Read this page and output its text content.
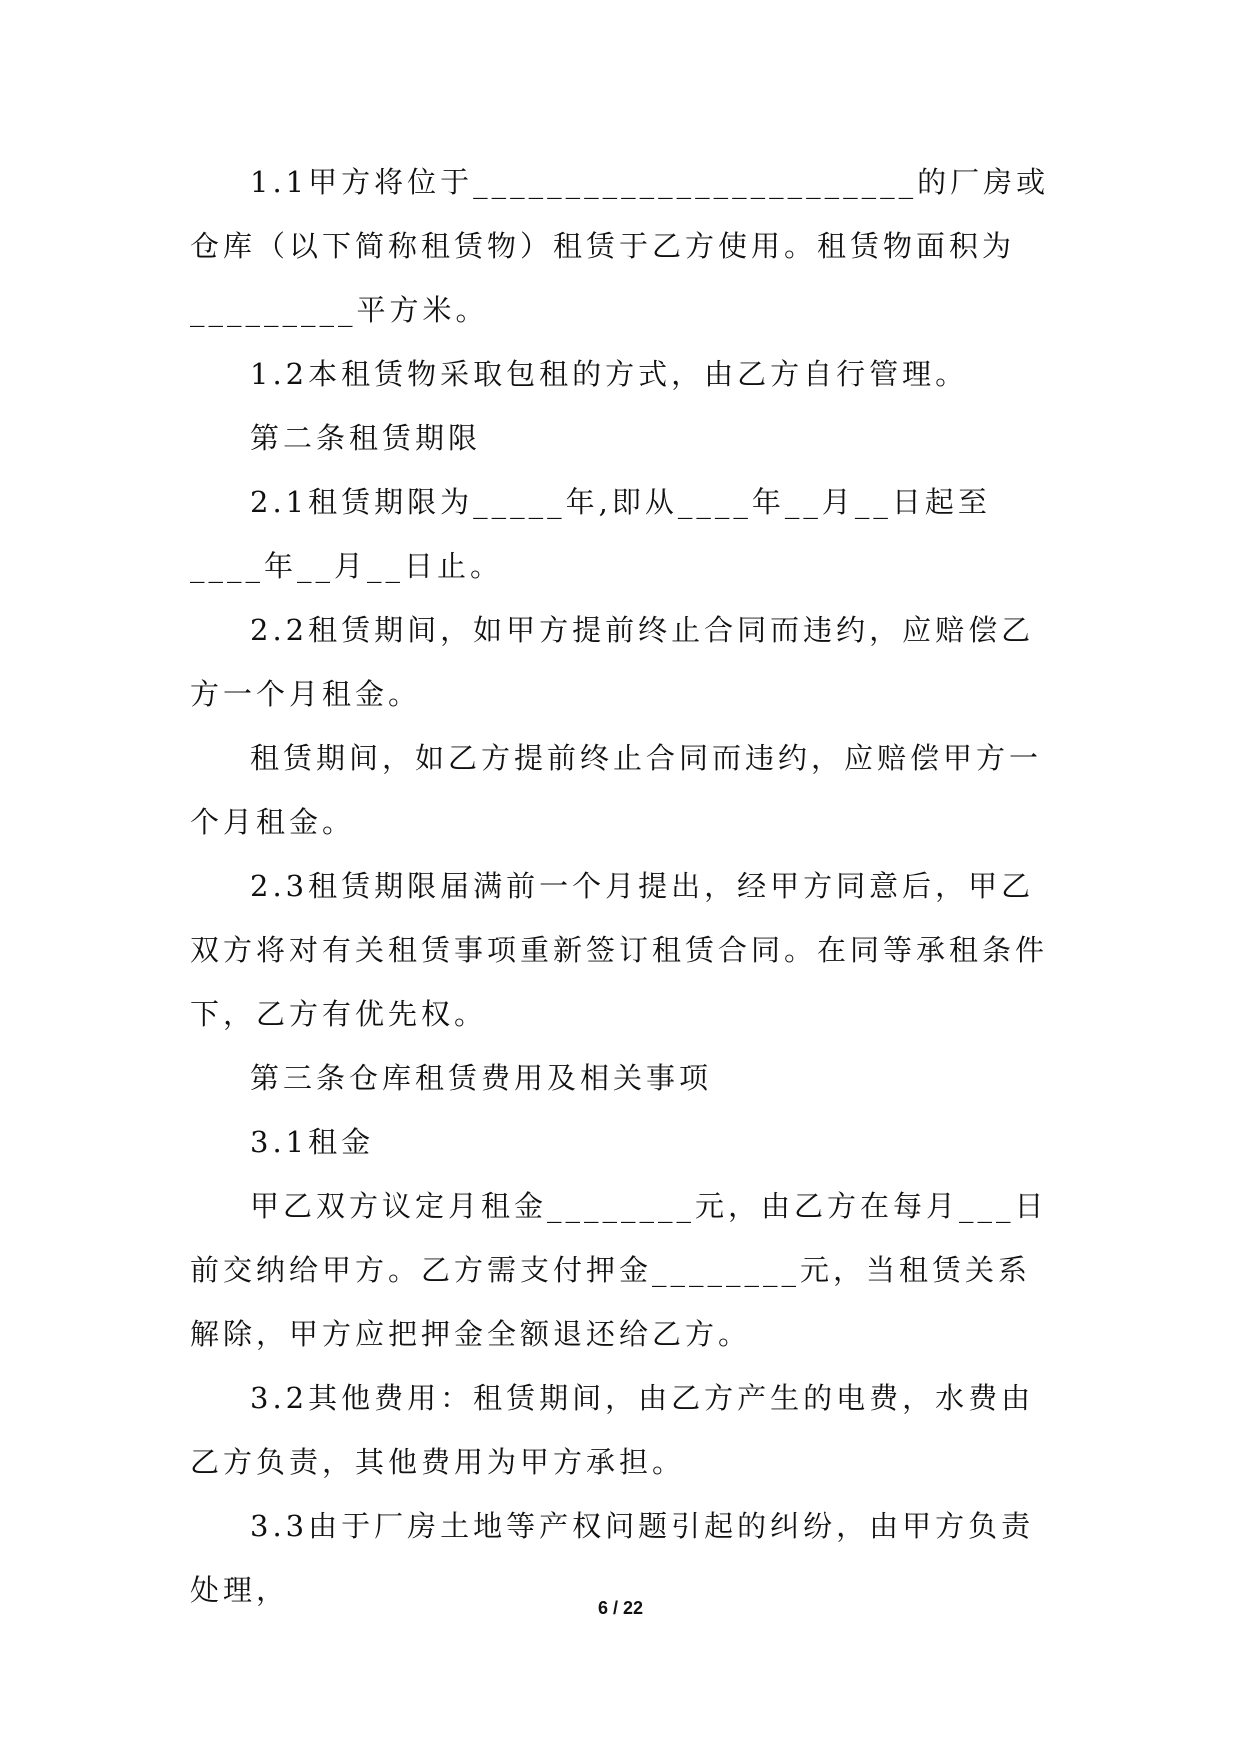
1.1甲方将位于________________________的厂房或仓库（以下简称租赁物）租赁于乙方使用。租赁物面积为_________平方米。

1.2本租赁物采取包租的方式，由乙方自行管理。

第二条租赁期限

2.1租赁期限为_____年,即从____年__月__日起至____年__月__日止。

2.2租赁期间，如甲方提前终止合同而违约，应赔偿乙方一个月租金。

租赁期间，如乙方提前终止合同而违约，应赔偿甲方一个月租金。

2.3租赁期限届满前一个月提出，经甲方同意后，甲乙双方将对有关租赁事项重新签订租赁合同。在同等承租条件下，乙方有优先权。

第三条仓库租赁费用及相关事项

3.1租金

甲乙双方议定月租金________元，由乙方在每月___日前交纳给甲方。乙方需支付押金________元，当租赁关系解除，甲方应把押金全额退还给乙方。

3.2其他费用：租赁期间，由乙方产生的电费，水费由乙方负责，其他费用为甲方承担。

3.3由于厂房土地等产权问题引起的纠纷，由甲方负责处理，

6 / 22
